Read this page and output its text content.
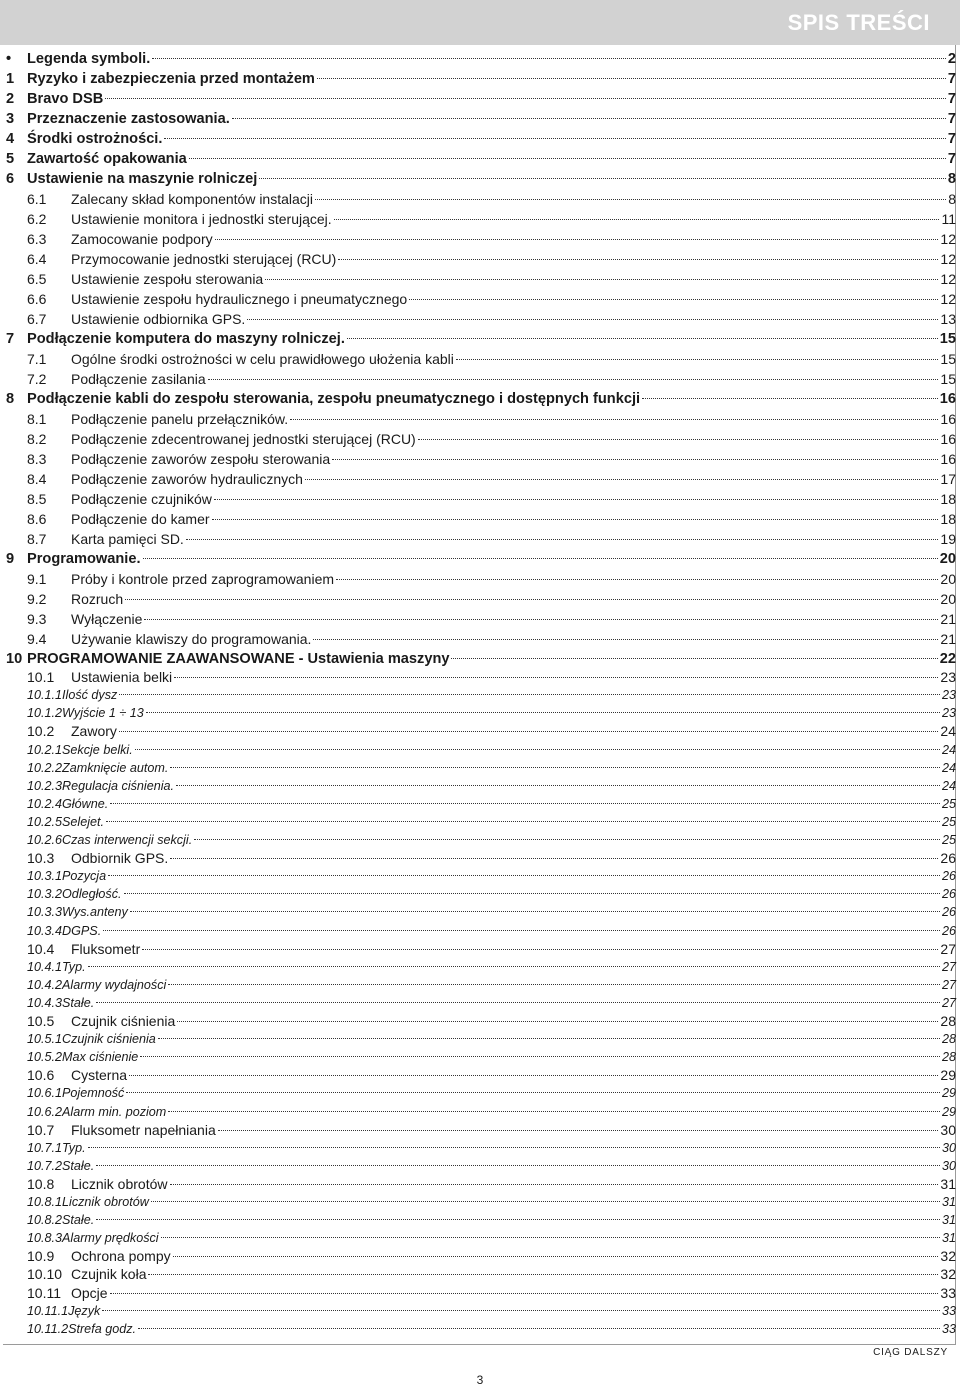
SPIS TREŚCI
•	Legenda symboli.	2
1 Ryzyko i zabezpieczenia przed montażem	7
2 Bravo DSB	7
3 Przeznaczenie zastosowania.	7
4 Środki ostrożności.	7
5 Zawartość opakowania	7
6 Ustawienie na maszynie rolniczej	8
6.1	Zalecany skład komponentów instalacji	8
6.2	Ustawienie monitora i jednostki sterującej.	11
6.3	Zamocowanie podpory	12
6.4	Przymocowanie jednostki sterującej (RCU)	12
6.5	Ustawienie zespołu sterowania	12
6.6	Ustawienie zespołu hydraulicznego i pneumatycznego	12
6.7	Ustawienie odbiornika GPS.	13
7 Podłączenie komputera do maszyny rolniczej.	15
7.1	Ogólne środki ostrożności w celu prawidłowego ułożenia kabli	15
7.2	Podłączenie zasilania	15
8 Podłączenie kabli do zespołu sterowania, zespołu pneumatycznego i dostępnych funkcji	16
8.1	Podłączenie panelu przełączników.	16
8.2	Podłączenie zdecentrowanej jednostki sterującej (RCU)	16
8.3	Podłączenie zaworów zespołu sterowania	16
8.4	Podłączenie zaworów hydraulicznych	17
8.5	Podłączenie czujników	18
8.6	Podłączenie do kamer	18
8.7	Karta pamięci SD.	19
9 Programowanie.	20
9.1	Próby i kontrole przed zaprogramowaniem	20
9.2	Rozruch	20
9.3	Wyłączenie	21
9.4	Używanie klawiszy do programowania.	21
10 PROGRAMOWANIE ZAAWANSOWANE - Ustawienia maszyny	22
10.1	Ustawienia belki	23
10.1.1 Ilość dysz	23
10.1.2 Wyjście 1 ÷ 13	23
10.2	Zawory	24
10.2.1 Sekcje belki.	24
10.2.2 Zamknięcie autom.	24
10.2.3 Regulacja ciśnienia.	24
10.2.4 Główne.	25
10.2.5 Selejet.	25
10.2.6 Czas interwencji sekcji.	25
10.3	Odbiornik GPS.	26
10.3.1 Pozycja	26
10.3.2 Odległość.	26
10.3.3 Wys.anteny	26
10.3.4 DGPS.	26
10.4	Fluksometr	27
10.4.1 Typ.	27
10.4.2 Alarmy wydajności	27
10.4.3 Stałe.	27
10.5	Czujnik ciśnienia	28
10.5.1 Czujnik ciśnienia	28
10.5.2 Max ciśnienie	28
10.6	Cysterna	29
10.6.1 Pojemność	29
10.6.2 Alarm min. poziom	29
10.7	Fluksometr napełniania	30
10.7.1 Typ.	30
10.7.2 Stałe.	30
10.8	Licznik obrotów	31
10.8.1 Licznik obrotów	31
10.8.2 Stałe.	31
10.8.3 Alarmy prędkości	31
10.9	Ochrona pompy	32
10.10 Czujnik koła	32
10.11 Opcje	33
10.11.1 Język	33
10.11.2 Strefa godz.	33
CIĄG DALSZY
3
